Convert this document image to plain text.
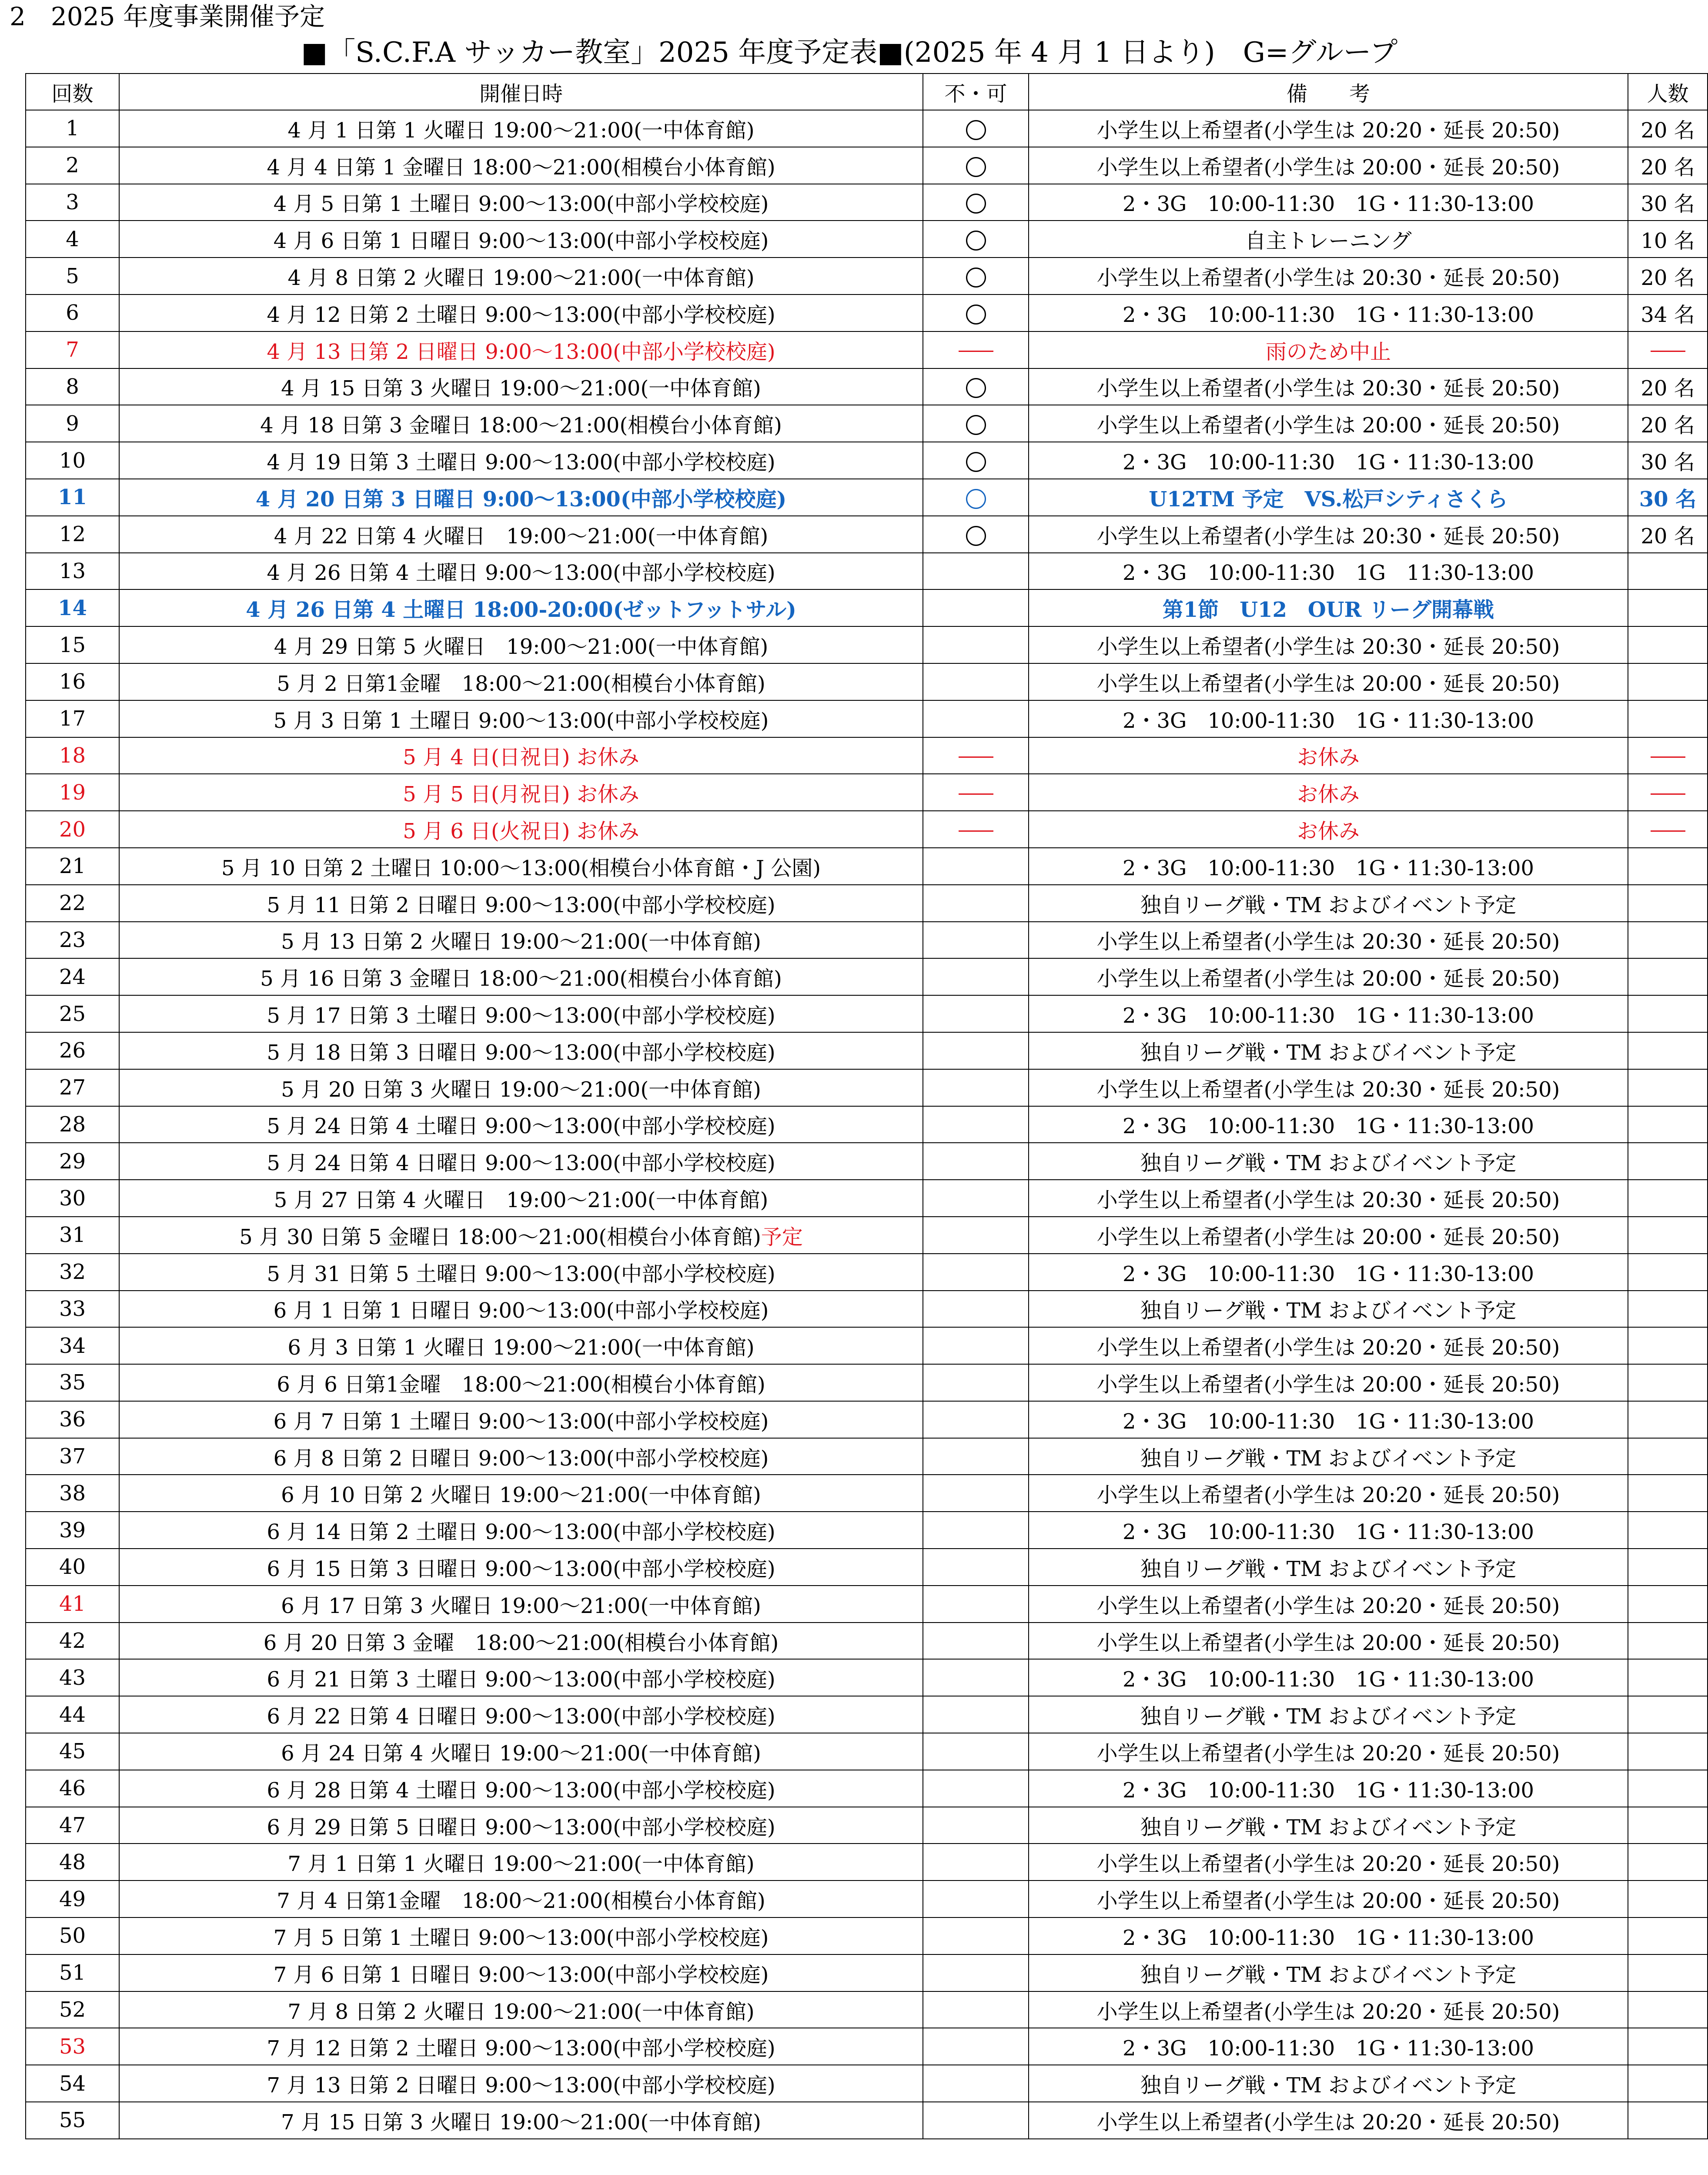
2　2025 年度事業開催予定
■「S.C.F.A サッカー教室」2025 年度予定表■(2025 年 4 月 1 日より)　G=グループ
回数	開催日時	不・可	備　　考	人数
1	4 月 1 日第 1 火曜日 19:00～21:00(一中体育館)		小学生以上希望者(小学生は 20:20・延長 20:50)	20 名
2	4 月 4 日第 1 金曜日 18:00～21:00(相模台小体育館)		小学生以上希望者(小学生は 20:00・延長 20:50)	20 名
3	4 月 5 日第 1 土曜日 9:00～13:00(中部小学校校庭)		2・3G　10:00-11:30　1G・11:30-13:00	30 名
4	4 月 6 日第 1 日曜日 9:00～13:00(中部小学校校庭)		自主トレーニング	10 名
5	4 月 8 日第 2 火曜日 19:00～21:00(一中体育館)		小学生以上希望者(小学生は 20:30・延長 20:50)	20 名
6	4 月 12 日第 2 土曜日 9:00～13:00(中部小学校校庭)		2・3G　10:00-11:30　1G・11:30-13:00	34 名
7	4 月 13 日第 2 日曜日 9:00～13:00(中部小学校校庭)		雨のため中止	
8	4 月 15 日第 3 火曜日 19:00～21:00(一中体育館)		小学生以上希望者(小学生は 20:30・延長 20:50)	20 名
9	4 月 18 日第 3 金曜日 18:00～21:00(相模台小体育館)		小学生以上希望者(小学生は 20:00・延長 20:50)	20 名
10	4 月 19 日第 3 土曜日 9:00～13:00(中部小学校校庭)		2・3G　10:00-11:30　1G・11:30-13:00	30 名
11	4 月 20 日第 3 日曜日 9:00～13:00(中部小学校校庭)		U12TM 予定　VS.松戸シティさくら	30 名
12	4 月 22 日第 4 火曜日　19:00～21:00(一中体育館)		小学生以上希望者(小学生は 20:30・延長 20:50)	20 名
13	4 月 26 日第 4 土曜日 9:00～13:00(中部小学校校庭)		2・3G　10:00-11:30　1G　11:30-13:00	
14	4 月 26 日第 4 土曜日 18:00-20:00(ゼットフットサル)		第1節　U12　OUR リーグ開幕戦	
15	4 月 29 日第 5 火曜日　19:00～21:00(一中体育館)		小学生以上希望者(小学生は 20:30・延長 20:50)	
16	5 月 2 日第1金曜　18:00～21:00(相模台小体育館)		小学生以上希望者(小学生は 20:00・延長 20:50)	
17	5 月 3 日第 1 土曜日 9:00～13:00(中部小学校校庭)		2・3G　10:00-11:30　1G・11:30-13:00	
18	5 月 4 日(日祝日) お休み		お休み	
19	5 月 5 日(月祝日) お休み		お休み	
20	5 月 6 日(火祝日) お休み		お休み	
21	5 月 10 日第 2 土曜日 10:00～13:00(相模台小体育館・J 公園)		2・3G　10:00-11:30　1G・11:30-13:00	
22	5 月 11 日第 2 日曜日 9:00～13:00(中部小学校校庭)		独自リーグ戦・TM およびイベント予定	
23	5 月 13 日第 2 火曜日 19:00～21:00(一中体育館)		小学生以上希望者(小学生は 20:30・延長 20:50)	
24	5 月 16 日第 3 金曜日 18:00～21:00(相模台小体育館)		小学生以上希望者(小学生は 20:00・延長 20:50)	
25	5 月 17 日第 3 土曜日 9:00～13:00(中部小学校校庭)		2・3G　10:00-11:30　1G・11:30-13:00	
26	5 月 18 日第 3 日曜日 9:00～13:00(中部小学校校庭)		独自リーグ戦・TM およびイベント予定	
27	5 月 20 日第 3 火曜日 19:00～21:00(一中体育館)		小学生以上希望者(小学生は 20:30・延長 20:50)	
28	5 月 24 日第 4 土曜日 9:00～13:00(中部小学校校庭)		2・3G　10:00-11:30　1G・11:30-13:00	
29	5 月 24 日第 4 日曜日 9:00～13:00(中部小学校校庭)		独自リーグ戦・TM およびイベント予定	
30	5 月 27 日第 4 火曜日　19:00～21:00(一中体育館)		小学生以上希望者(小学生は 20:30・延長 20:50)	
31	5 月 30 日第 5 金曜日 18:00～21:00(相模台小体育館)予定		小学生以上希望者(小学生は 20:00・延長 20:50)	
32	5 月 31 日第 5 土曜日 9:00～13:00(中部小学校校庭)		2・3G　10:00-11:30　1G・11:30-13:00	
33	6 月 1 日第 1 日曜日 9:00～13:00(中部小学校校庭)		独自リーグ戦・TM およびイベント予定	
34	6 月 3 日第 1 火曜日 19:00～21:00(一中体育館)		小学生以上希望者(小学生は 20:20・延長 20:50)	
35	6 月 6 日第1金曜　18:00～21:00(相模台小体育館)		小学生以上希望者(小学生は 20:00・延長 20:50)	
36	6 月 7 日第 1 土曜日 9:00～13:00(中部小学校校庭)		2・3G　10:00-11:30　1G・11:30-13:00	
37	6 月 8 日第 2 日曜日 9:00～13:00(中部小学校校庭)		独自リーグ戦・TM およびイベント予定	
38	6 月 10 日第 2 火曜日 19:00～21:00(一中体育館)		小学生以上希望者(小学生は 20:20・延長 20:50)	
39	6 月 14 日第 2 土曜日 9:00～13:00(中部小学校校庭)		2・3G　10:00-11:30　1G・11:30-13:00	
40	6 月 15 日第 3 日曜日 9:00～13:00(中部小学校校庭)		独自リーグ戦・TM およびイベント予定	
41	6 月 17 日第 3 火曜日 19:00～21:00(一中体育館)		小学生以上希望者(小学生は 20:20・延長 20:50)	
42	6 月 20 日第 3 金曜　18:00～21:00(相模台小体育館)		小学生以上希望者(小学生は 20:00・延長 20:50)	
43	6 月 21 日第 3 土曜日 9:00～13:00(中部小学校校庭)		2・3G　10:00-11:30　1G・11:30-13:00	
44	6 月 22 日第 4 日曜日 9:00～13:00(中部小学校校庭)		独自リーグ戦・TM およびイベント予定	
45	6 月 24 日第 4 火曜日 19:00～21:00(一中体育館)		小学生以上希望者(小学生は 20:20・延長 20:50)	
46	6 月 28 日第 4 土曜日 9:00～13:00(中部小学校校庭)		2・3G　10:00-11:30　1G・11:30-13:00	
47	6 月 29 日第 5 日曜日 9:00～13:00(中部小学校校庭)		独自リーグ戦・TM およびイベント予定	
48	7 月 1 日第 1 火曜日 19:00～21:00(一中体育館)		小学生以上希望者(小学生は 20:20・延長 20:50)	
49	7 月 4 日第1金曜　18:00～21:00(相模台小体育館)		小学生以上希望者(小学生は 20:00・延長 20:50)	
50	7 月 5 日第 1 土曜日 9:00～13:00(中部小学校校庭)		2・3G　10:00-11:30　1G・11:30-13:00	
51	7 月 6 日第 1 日曜日 9:00～13:00(中部小学校校庭)		独自リーグ戦・TM およびイベント予定	
52	7 月 8 日第 2 火曜日 19:00～21:00(一中体育館)		小学生以上希望者(小学生は 20:20・延長 20:50)	
53	7 月 12 日第 2 土曜日 9:00～13:00(中部小学校校庭)		2・3G　10:00-11:30　1G・11:30-13:00	
54	7 月 13 日第 2 日曜日 9:00～13:00(中部小学校校庭)		独自リーグ戦・TM およびイベント予定	
55	7 月 15 日第 3 火曜日 19:00～21:00(一中体育館)		小学生以上希望者(小学生は 20:20・延長 20:50)	
